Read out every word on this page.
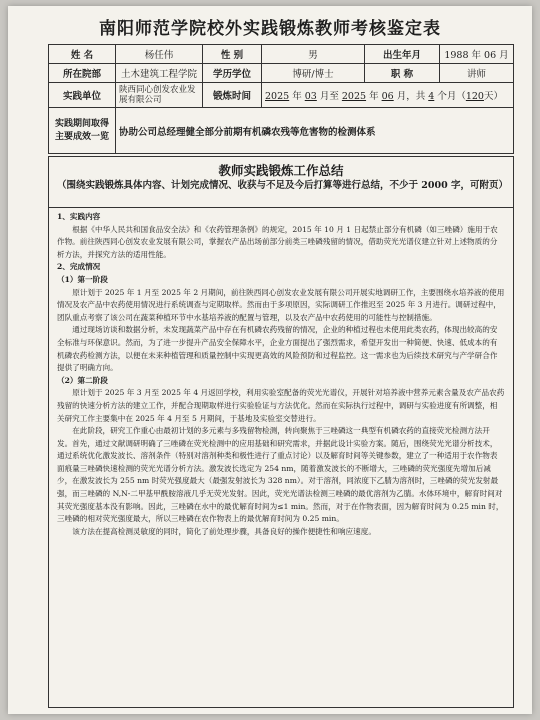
南阳师范学院校外实践锻炼教师考核鉴定表
姓 名	杨任伟	性 别	男	出生年月	1988 年 06 月
所在院部	土木建筑工程学院	学历学位	博研/博士	职 称	讲师
实践单位	陕西同心创发农业发展有限公司	锻炼时间	2025 年 03 月至 2025 年 06 月，共 4 个月（120天）		
实践期间取得主要成效一览	协助公司总经理健全部分前期有机磷农残等危害物的检测体系				
教师实践锻炼工作总结
（围绕实践锻炼具体内容、计划完成情况、收获与不足及今后打算等进行总结，不少于 2000 字，可附页）

1、实践内容

根据《中华人民共和国食品安全法》和《农药管理条例》的规定，2015 年 10 月 1 日起禁止部分有机磷（如三唑磷）施用于农作物。前往陕西同心创发农业发展有限公司，掌握农产品出场前部分前类三唑磷残留的情况，借助荧光光谱仪建立针对上述物质的分析方法，并探究方法的适用性能。

2、完成情况

（1）第一阶段

原计划于 2025 年 1 月至 2025 年 2 月期间，前往陕西同心创发农业发展有限公司开展实地调研工作，主要围绕水培养液的使用情况及农产品中农药使用情况进行系统调查与定期取样。然而由于多项原因，实际调研工作推迟至 2025 年 3 月进行。调研过程中，团队重点考察了该公司在蔬菜种植环节中水基培养液的配置与管理，以及农产品中农药使用的可能性与控制措施。

通过现场访谈和数据分析，未发现蔬菜产品中存在有机磷农药残留的情况，企业的种植过程也未使用此类农药，体现出较高的安全标准与环保意识。然而，为了进一步提升产品安全保障水平，企业方面提出了强烈需求，希望开发出一种简便、快速、低成本的有机磷农药检测方法，以便在未来种植管理和质量控制中实现更高效的风险预防和过程监控。这一需求也为后续技术研究与产学研合作提供了明确方向。

（2）第二阶段

原计划于 2025 年 3 月至 2025 年 4 月返回学校，利用实验室配备的荧光光谱仪，开展针对培养液中营养元素含量及农产品农药残留的快速分析方法的建立工作，并配合现期取样进行实验验证与方法优化。然而在实际执行过程中，调研与实验进度有所调整，相关研究工作主要集中在 2025 年 4 月至 5 月期间，于基地及实验室交替进行。

在此阶段，研究工作重心由最初计划的多元素与多残留物检测，转向聚焦于三唑磷这一典型有机磷农药的直接荧光检测方法开发。首先，通过文献调研明确了三唑磷在荧光检测中的应用基础和研究需求，并据此设计实验方案。随后，围绕荧光光谱分析技术，通过系统优化激发波长、溶剂条件（特别对溶剂种类和极性进行了重点讨论）以及解育时间等关键参数，建立了一种适用于农作物表面痕量三唑磷快速检测的荧光光谱分析方法。激发波长选定为 254 nm，随着激发波长的不断增大，三唑磷的荧光强度先增加后减少，在激发波长为 255 nm 时荧光强度最大（最强发射波长为 328 nm）。对于溶剂，同浓度下乙腈为溶剂时，三唑磷的荧光发射最强，而三唑磷的 N,N-二甲基甲酰胺溶液几乎无荧光发射。因此，荧光光谱法检测三唑磷的最优溶剂为乙腈。水体环境中，解育时间对其荧光强度基本没有影响。因此，三唑磷在水中的最优解育时间为≤1 min。然而，对于在作物表面，因为解育时间为 0.25 min 时，三唑磷的相对荧光强度最大，所以三唑磷在农作物表上的最优解育时间为 0.25 min。

该方法在提高检测灵敏度的同时，简化了前处理步骤，具备良好的操作便捷性和响应速度。
